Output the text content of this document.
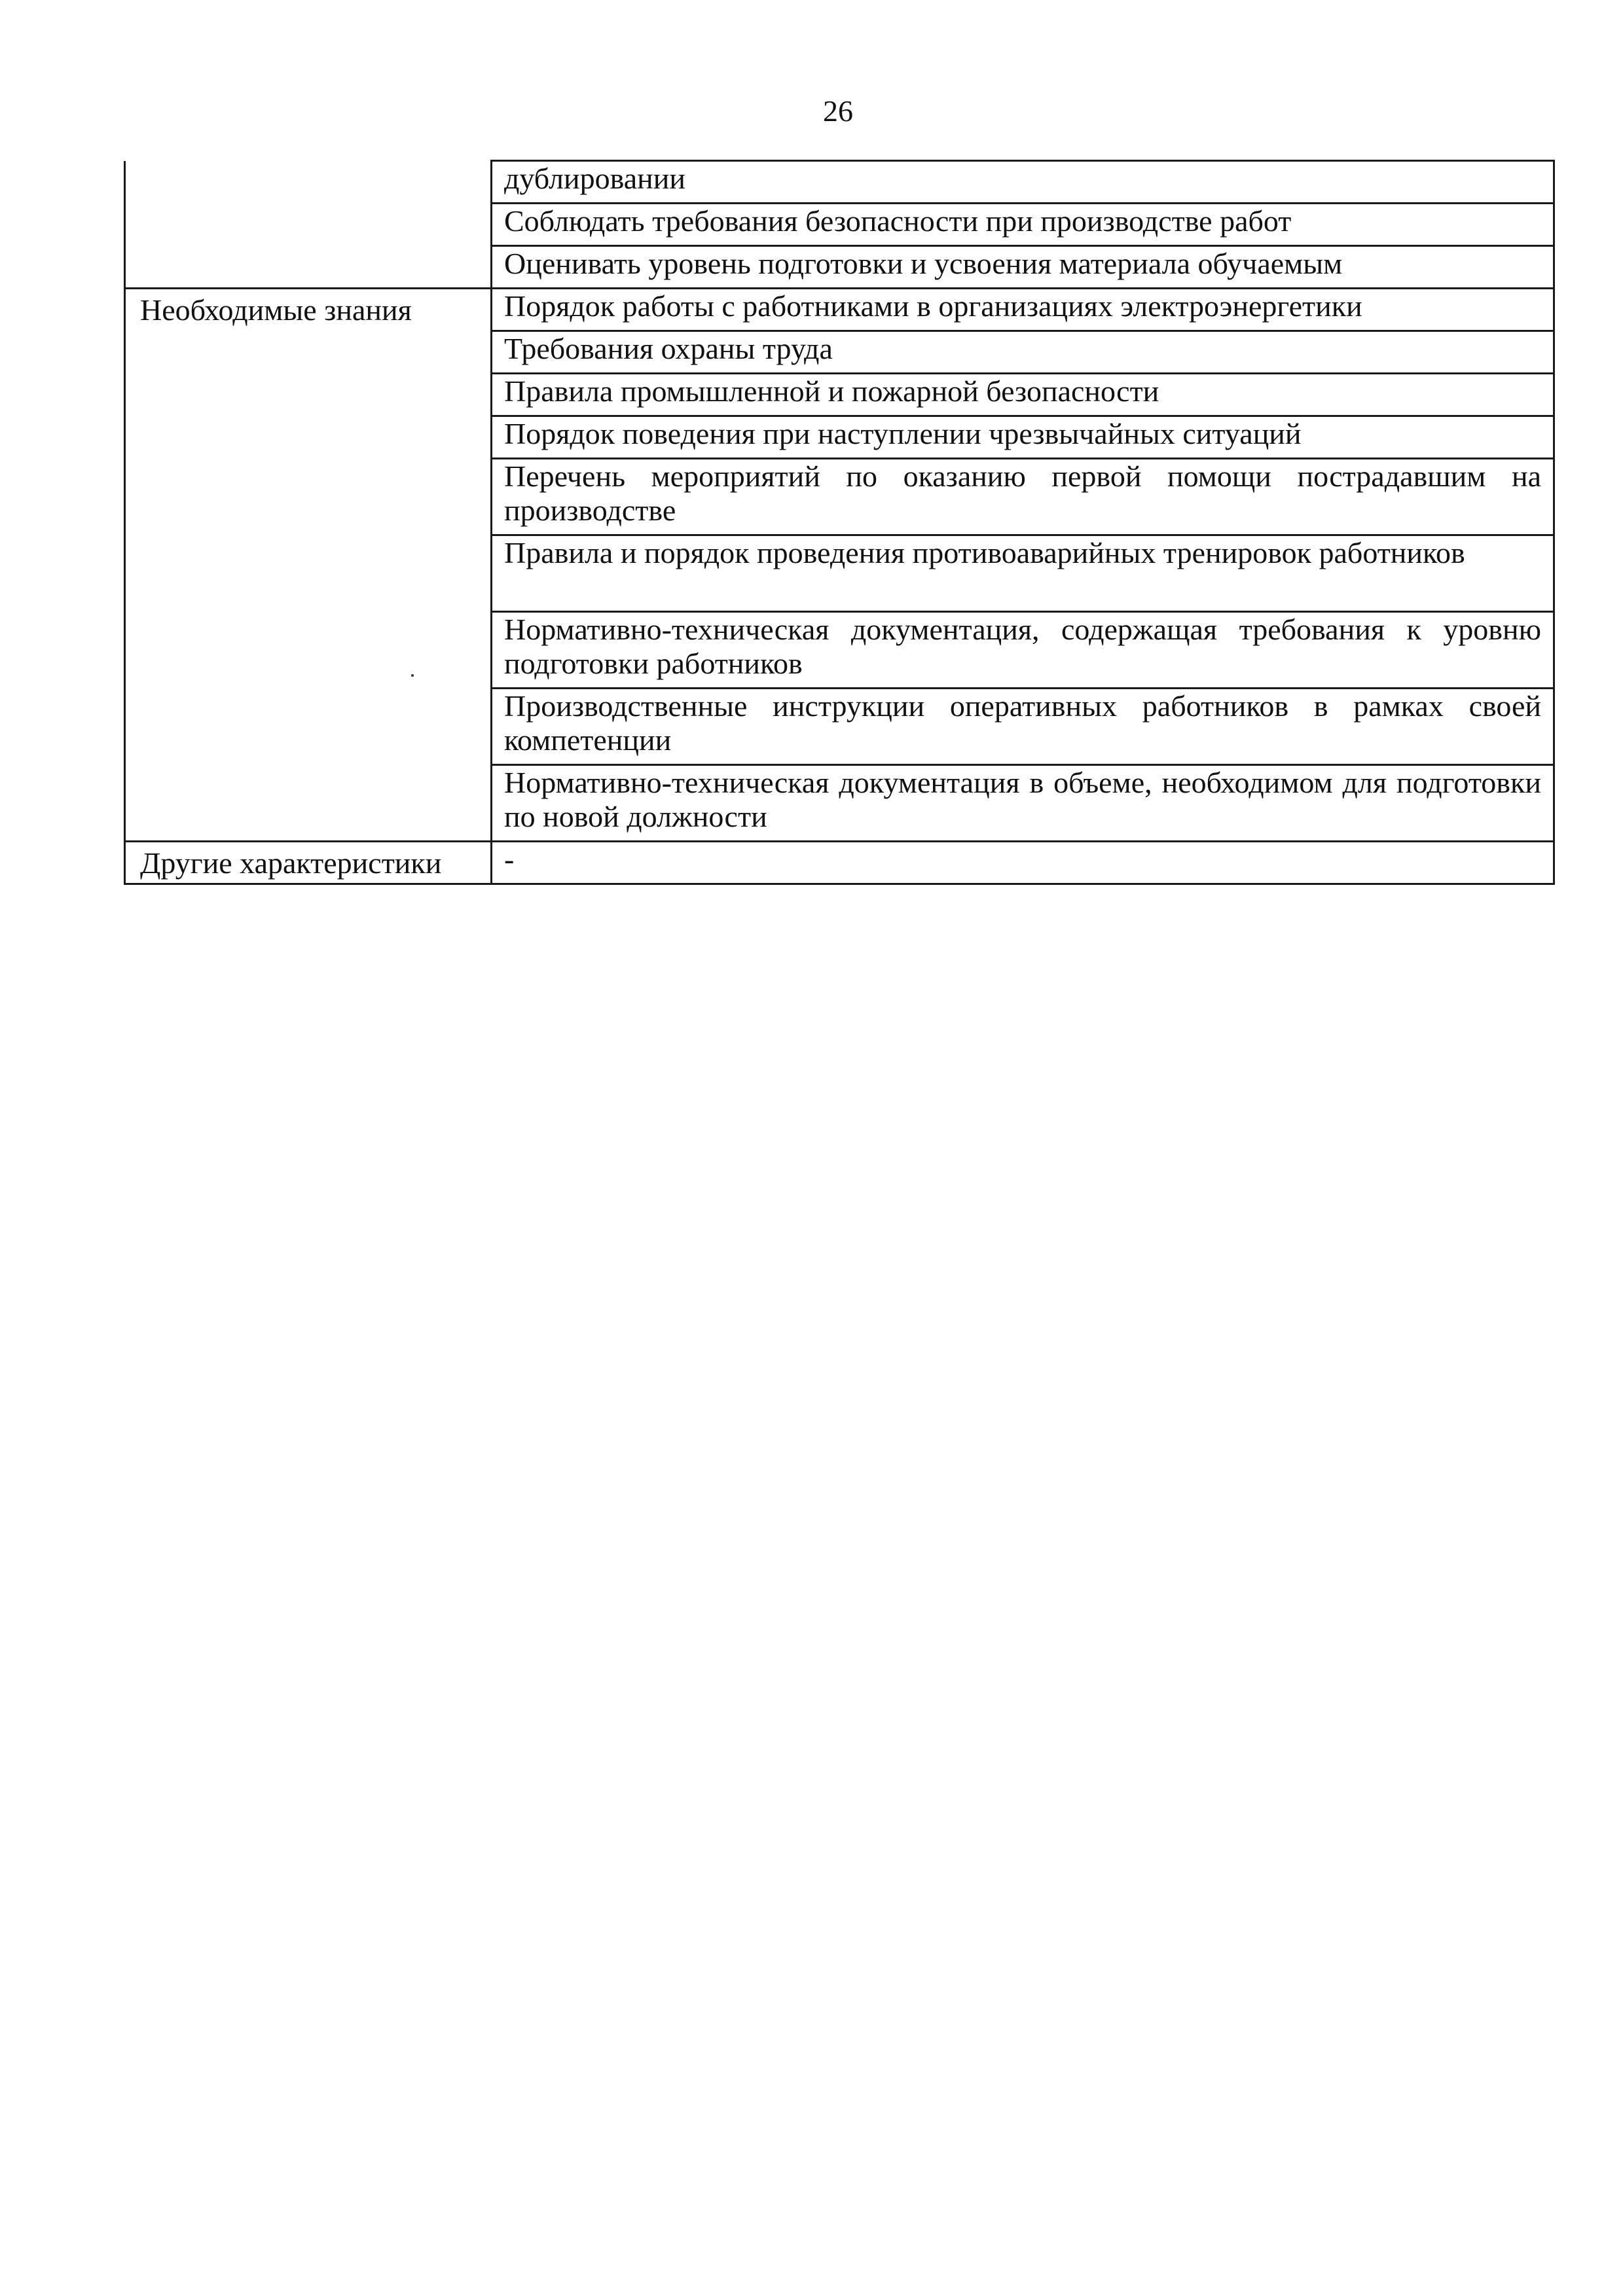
26
	дублировании
	Соблюдать требования безопасности при производстве работ
	Оценивать уровень подготовки и усвоения материала обучаемым
Необходимые знания	Порядок работы с работниками в организациях электроэнергетики
	Требования охраны труда
	Правила промышленной и пожарной безопасности
	Порядок поведения при наступлении чрезвычайных ситуаций
	Перечень мероприятий по оказанию первой помощи пострадавшим на производстве
	Правила и порядок проведения противоаварийных тренировок работников
	Нормативно-техническая документация, содержащая требования к уровню подготовки работников
	Производственные инструкции оперативных работников в рамках своей компетенции
	Нормативно-техническая документация в объеме, необходимом для подготовки по новой должности
Другие характеристики	-
